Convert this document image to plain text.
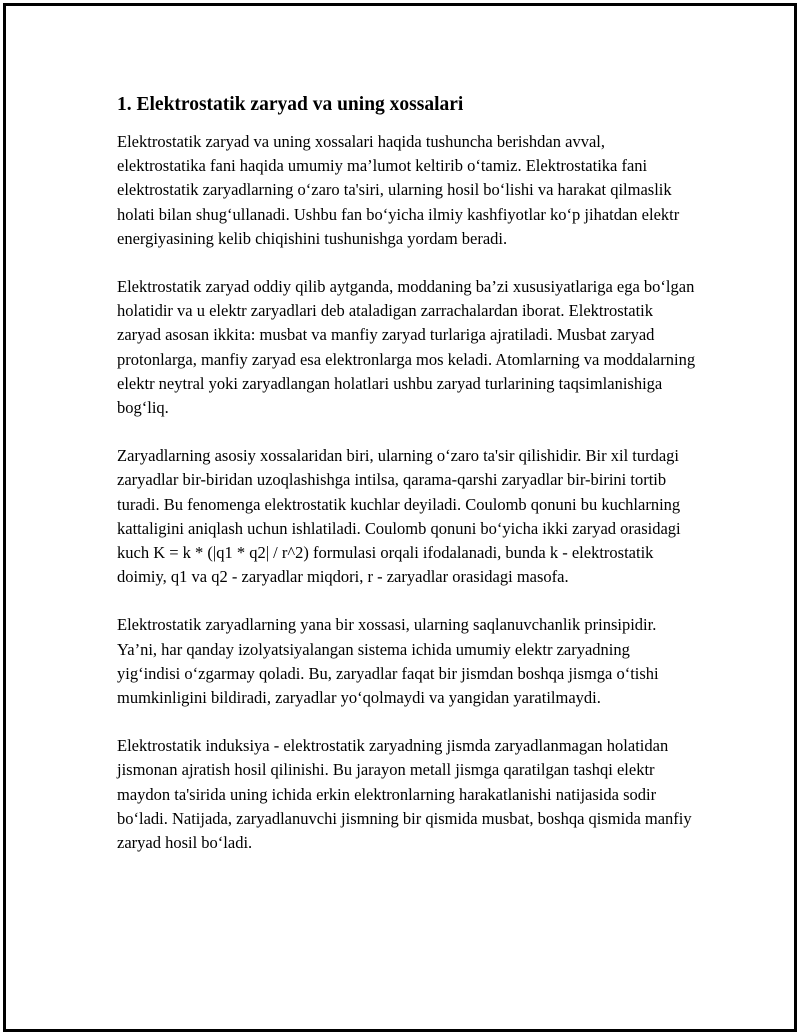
1. Elektrostatik zaryad va uning xossalari

Elektrostatik zaryad va uning xossalari haqida tushuncha berishdan avval, elektrostatika fani haqida umumiy ma’lumot keltirib o‘tamiz. Elektrostatika fani elektrostatik zaryadlarning o‘zaro ta'siri, ularning hosil bo‘lishi va harakat qilmaslik holati bilan shug‘ullanadi. Ushbu fan bo‘yicha ilmiy kashfiyotlar ko‘p jihatdan elektr energiyasining kelib chiqishini tushunishga yordam beradi.

Elektrostatik zaryad oddiy qilib aytganda, moddaning ba’zi xususiyatlariga ega bo‘lgan holatidir va u elektr zaryadlari deb ataladigan zarrachalardan iborat. Elektrostatik zaryad asosan ikkita: musbat va manfiy zaryad turlariga ajratiladi. Musbat zaryad protonlarga, manfiy zaryad esa elektronlarga mos keladi. Atomlarning va moddalarning elektr neytral yoki zaryadlangan holatlari ushbu zaryad turlarining taqsimlanishiga bog‘liq.

Zaryadlarning asosiy xossalaridan biri, ularning o‘zaro ta'sir qilishidir. Bir xil turdagi zaryadlar bir-biridan uzoqlashishga intilsa, qarama-qarshi zaryadlar bir-birini tortib turadi. Bu fenomenga elektrostatik kuchlar deyiladi. Coulomb qonuni bu kuchlarning kattaligini aniqlash uchun ishlatiladi. Coulomb qonuni bo‘yicha ikki zaryad orasidagi kuch K = k * (|q1 * q2| / r^2) formulasi orqali ifodalanadi, bunda k - elektrostatik doimiy, q1 va q2 - zaryadlar miqdori, r - zaryadlar orasidagi masofa.

Elektrostatik zaryadlarning yana bir xossasi, ularning saqlanuvchanlik prinsipidir. Ya’ni, har qanday izolyatsiyalangan sistema ichida umumiy elektr zaryadning yig‘indisi o‘zgarmay qoladi. Bu, zaryadlar faqat bir jismdan boshqa jismga o‘tishi mumkinligini bildiradi, zaryadlar yo‘qolmaydi va yangidan yaratilmaydi.

Elektrostatik induksiya - elektrostatik zaryadning jismda zaryadlanmagan holatidan jismonan ajratish hosil qilinishi. Bu jarayon metall jismga qaratilgan tashqi elektr maydon ta'sirida uning ichida erkin elektronlarning harakatlanishi natijasida sodir bo‘ladi. Natijada, zaryadlanuvchi jismning bir qismida musbat, boshqa qismida manfiy zaryad hosil bo‘ladi.
